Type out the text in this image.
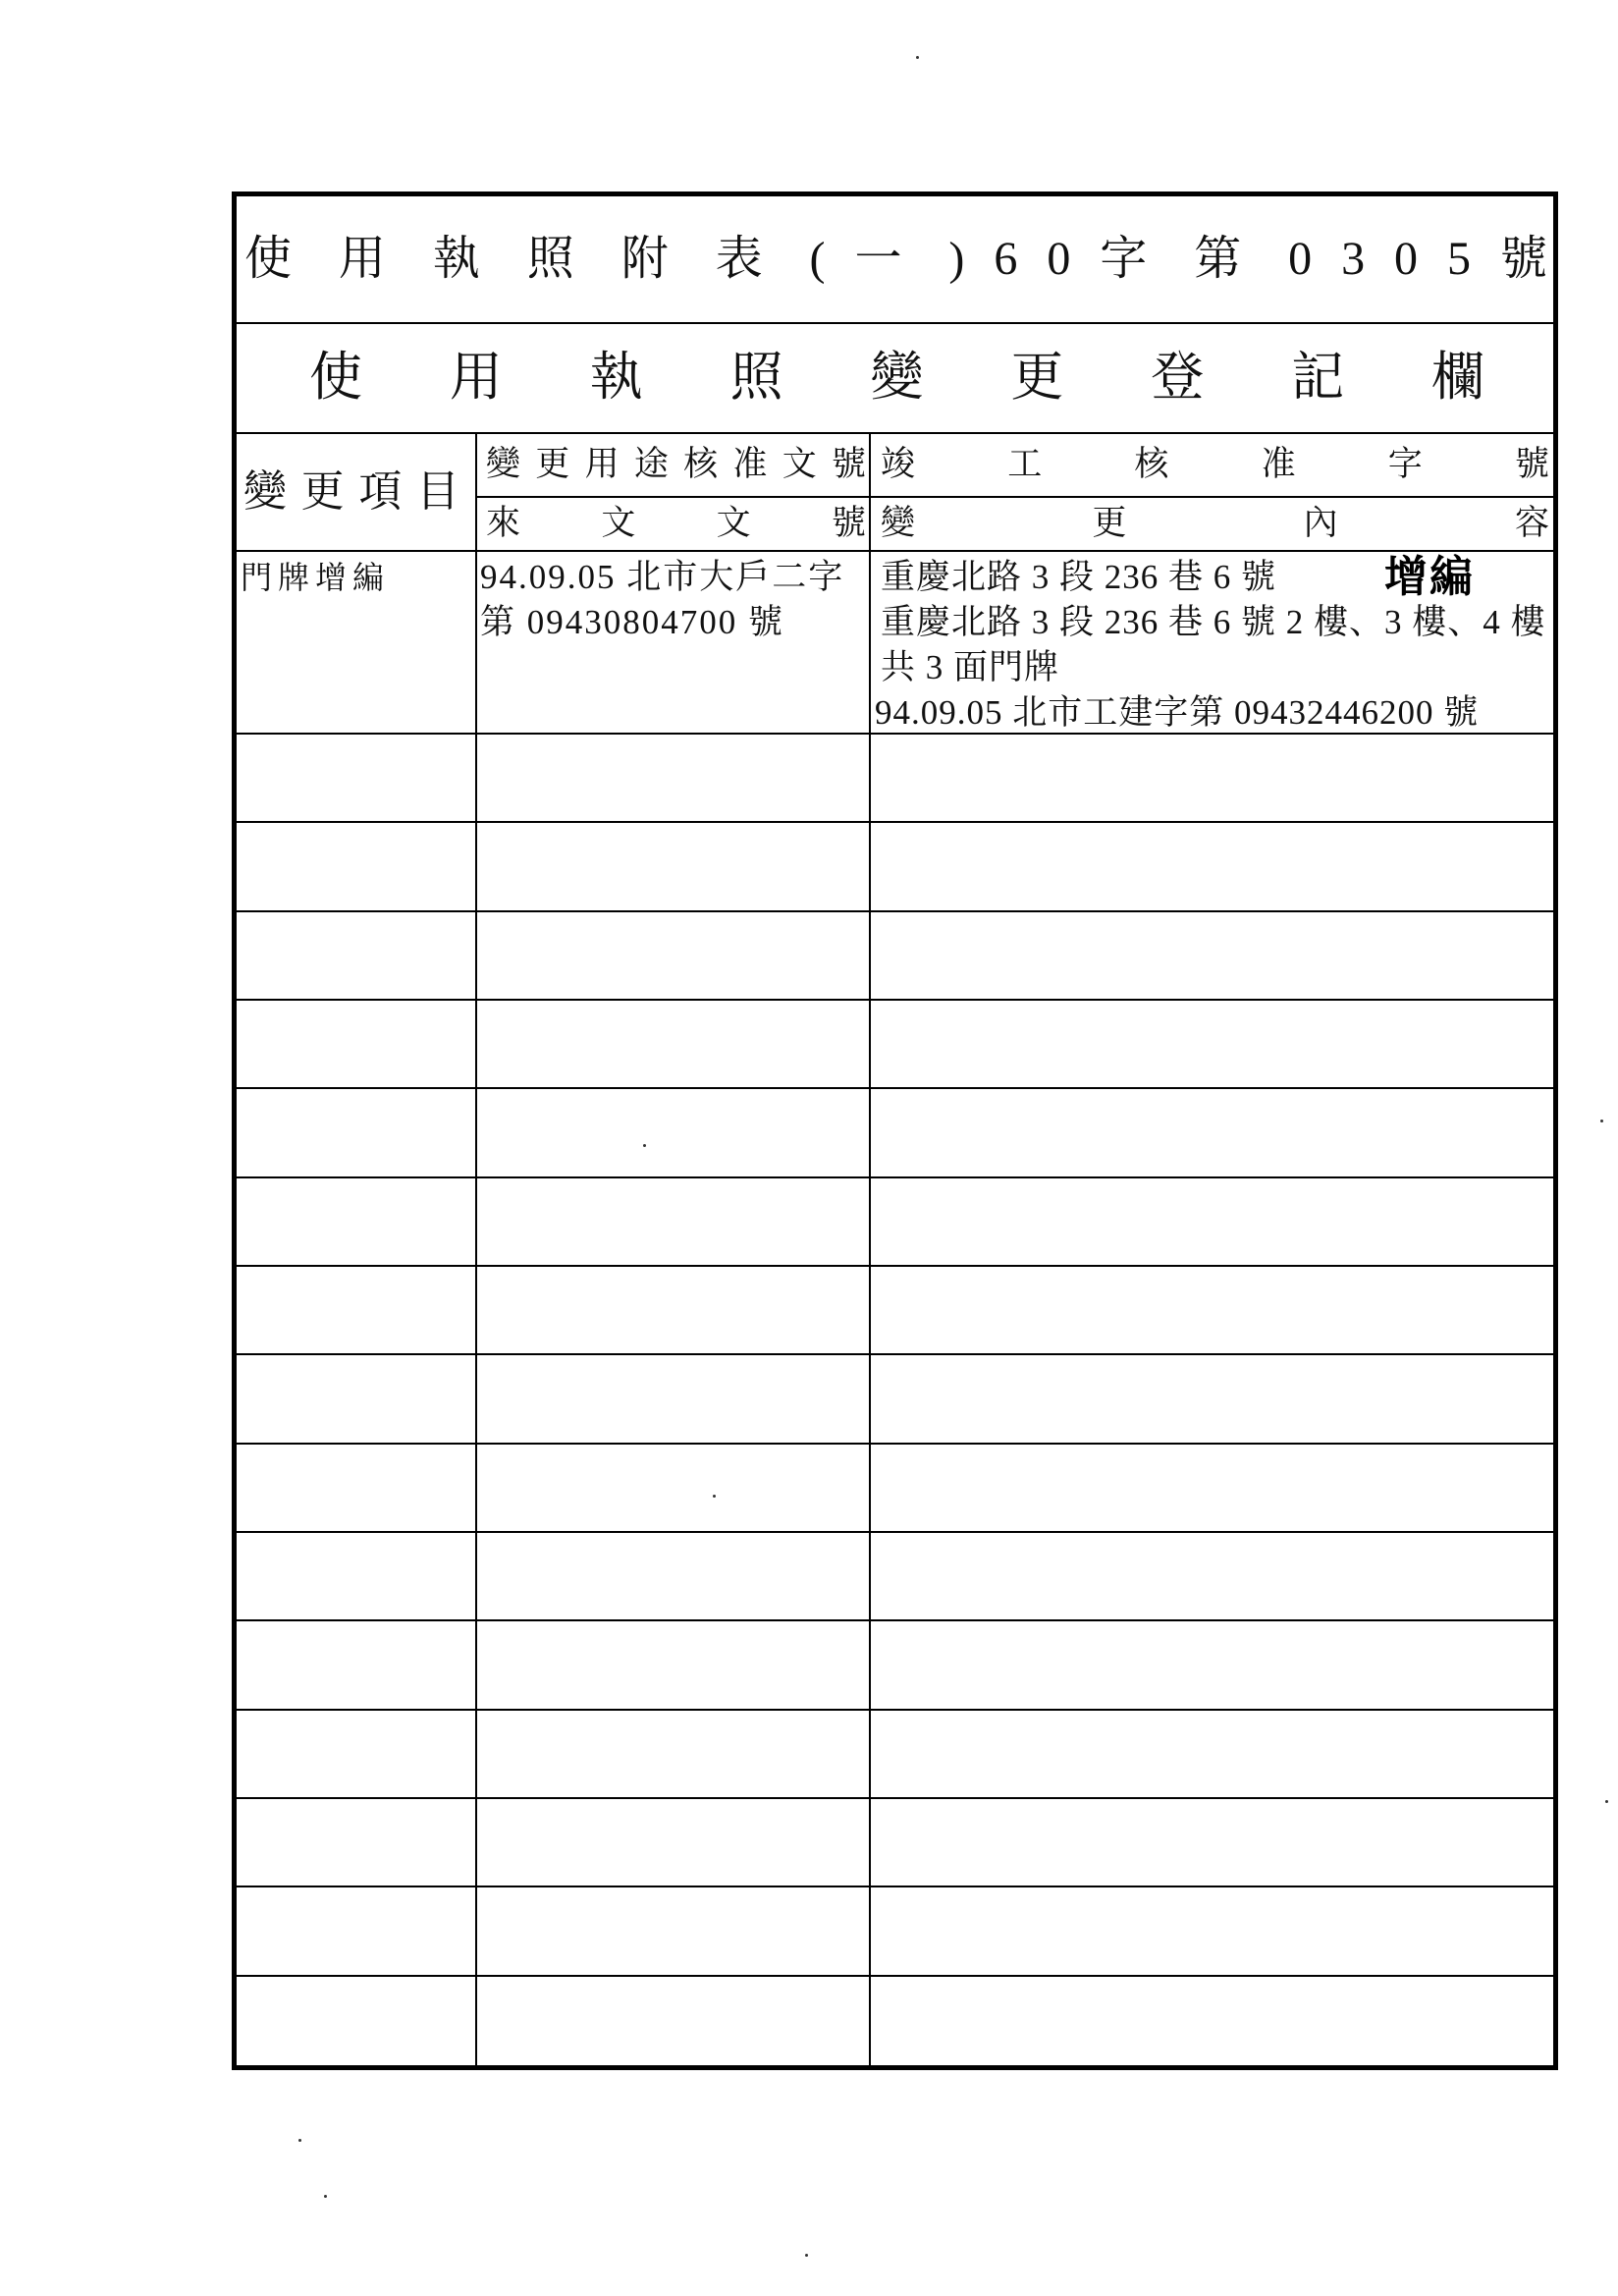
使 用 執 照 附 表 ( 一 ) 6 0 字 第 0 3 0 5 號
使 用 執 照 變 更 登 記 欄
變 更 項 目
變 更 用 途 核 准 文 號
來 文 文 號
竣 工 核 准 字 號
變 更 內 容
門牌增編	94.09.05 北市大戶二字
第 09430804700 號
重慶北路 3 段 236 巷 6 號
重慶北路 3 段 236 巷 6 號 2 樓、3 樓、4 樓
共 3 面門牌
94.09.05 北市工建字第 09432446200 號
增編
